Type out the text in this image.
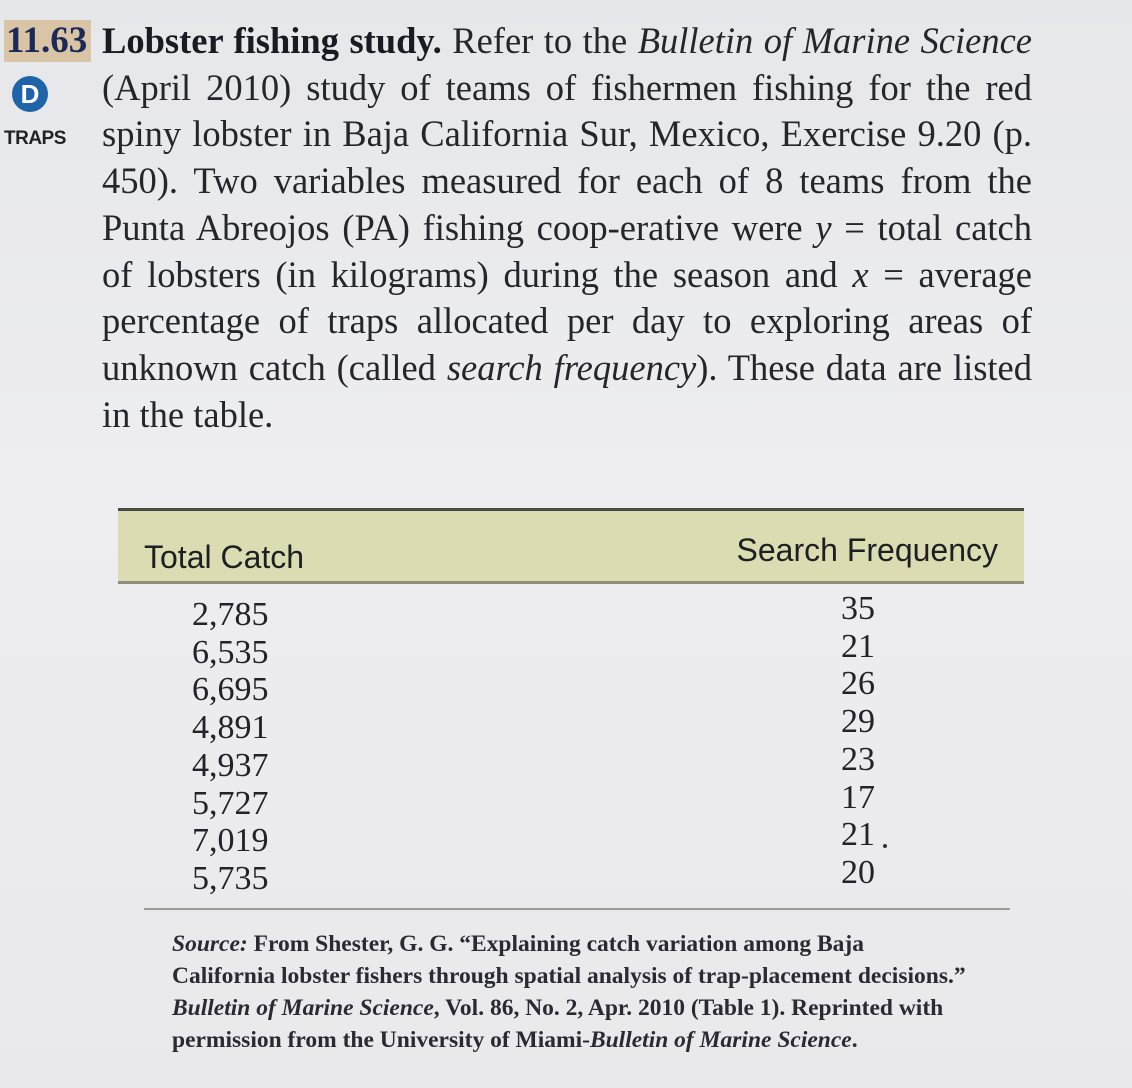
11.63
D
TRAPS
Lobster fishing study. Refer to the Bulletin of Marine Science (April 2010) study of teams of fishermen fishing for the red spiny lobster in Baja California Sur, Mexico, Exercise 9.20 (p. 450). Two variables measured for each of 8 teams from the Punta Abreojos (PA) fishing coop-erative were y = total catch of lobsters (in kilograms) during the season and x = average percentage of traps allocated per day to exploring areas of unknown catch (called search frequency). These data are listed in the table.
Total Catch	Search Frequency
2,785
6,535
6,695
4,891
4,937
5,727
7,019
5,735
35
21
26
29
23
17
21
20
Source: From Shester, G. G. “Explaining catch variation among Baja California lobster fishers through spatial analysis of trap-placement decisions.” Bulletin of Marine Science, Vol. 86, No. 2, Apr. 2010 (Table 1). Reprinted with permission from the University of Miami-Bulletin of Marine Science.
